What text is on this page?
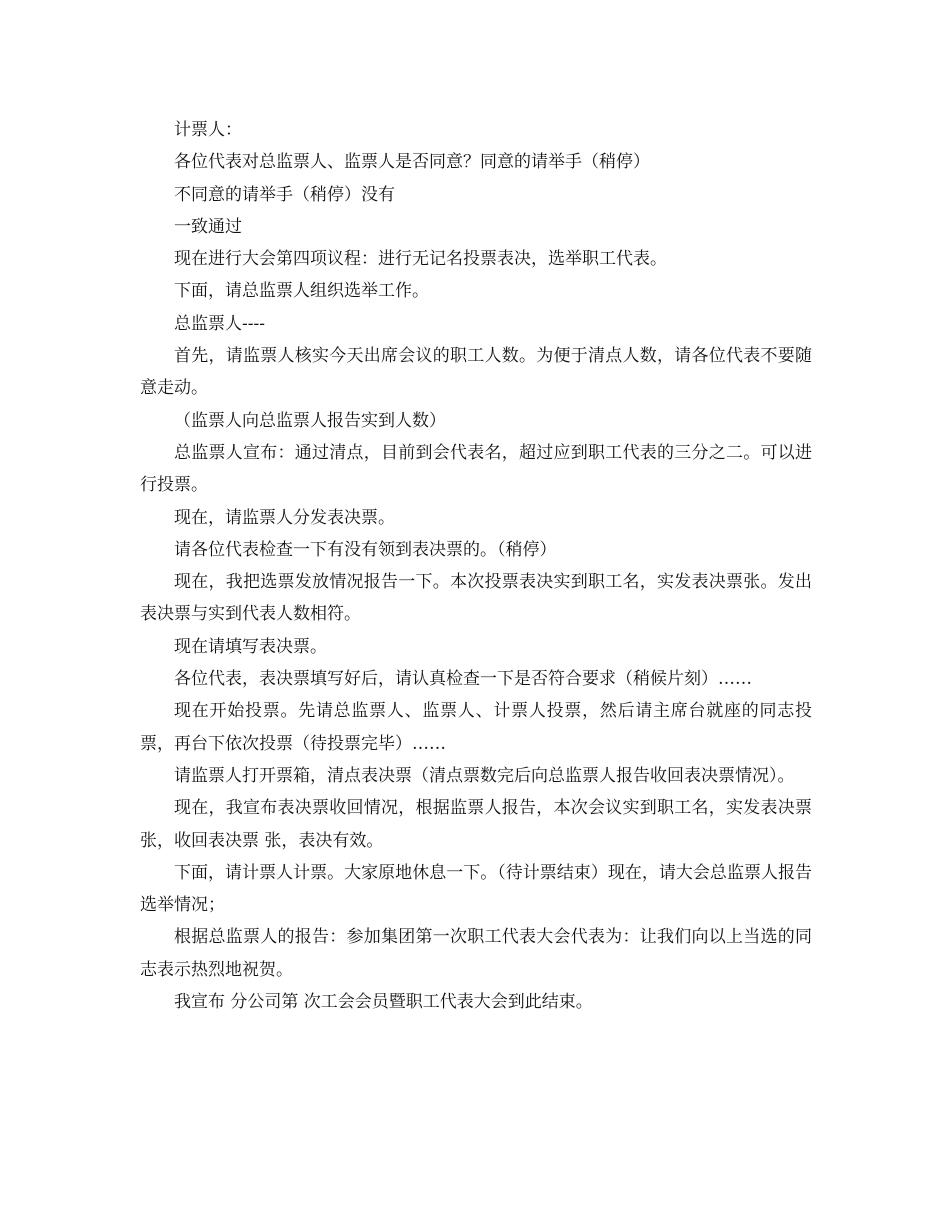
计票人：

各位代表对总监票人、监票人是否同意？同意的请举手（稍停）

不同意的请举手（稍停）没有

一致通过

现在进行大会第四项议程：进行无记名投票表决，选举职工代表。

下面，请总监票人组织选举工作。

总监票人----

首先，请监票人核实今天出席会议的职工人数。为便于清点人数，请各位代表不要随意走动。

（监票人向总监票人报告实到人数）

总监票人宣布：通过清点，目前到会代表名，超过应到职工代表的三分之二。可以进行投票。

现在，请监票人分发表决票。

请各位代表检查一下有没有领到表决票的。（稍停）

现在，我把选票发放情况报告一下。本次投票表决实到职工名，实发表决票张。发出表决票与实到代表人数相符。

现在请填写表决票。

各位代表，表决票填写好后，请认真检查一下是否符合要求（稍候片刻）……

现在开始投票。先请总监票人、监票人、计票人投票，然后请主席台就座的同志投票，再台下依次投票（待投票完毕）……

请监票人打开票箱，清点表决票（清点票数完后向总监票人报告收回表决票情况）。

现在，我宣布表决票收回情况，根据监票人报告，本次会议实到职工名，实发表决票 张，收回表决票 张，表决有效。

下面，请计票人计票。大家原地休息一下。（待计票结束）现在，请大会总监票人报告选举情况；

根据总监票人的报告：参加集团第一次职工代表大会代表为：让我们向以上当选的同志表示热烈地祝贺。

我宣布 分公司第 次工会会员暨职工代表大会到此结束。
